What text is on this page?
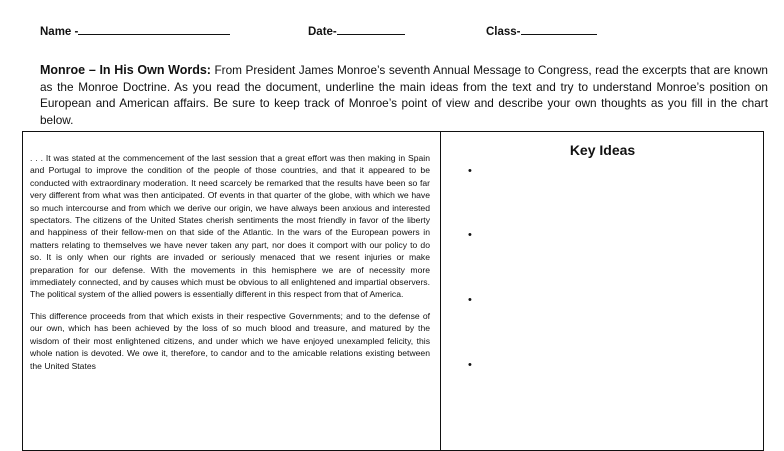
Name -	Date-	Class-
Monroe – In His Own Words: From President James Monroe’s seventh Annual Message to Congress, read the excerpts that are known as the Monroe Doctrine. As you read the document, underline the main ideas from the text and try to understand Monroe’s position on European and American affairs. Be sure to keep track of Monroe’s point of view and describe your own thoughts as you fill in the chart below.

. . . It was stated at the commencement of the last session that a great effort was then making in Spain and Portugal to improve the condition of the people of those countries, and that it appeared to be conducted with extraordinary moderation. It need scarcely be remarked that the results have been so far very different from what was then anticipated. Of events in that quarter of the globe, with which we have so much intercourse and from which we derive our origin, we have always been anxious and interested spectators. The citizens of the United States cherish sentiments the most friendly in favor of the liberty and happiness of their fellow-men on that side of the Atlantic. In the wars of the European powers in matters relating to themselves we have never taken any part, nor does it comport with our policy to do so. It is only when our rights are invaded or seriously menaced that we resent injuries or make preparation for our defense. With the movements in this hemisphere we are of necessity more immediately connected, and by causes which must be obvious to all enlightened and impartial observers. The political system of the allied powers is essentially different in this respect from that of America.

This difference proceeds from that which exists in their respective Governments; and to the defense of our own, which has been achieved by the loss of so much blood and treasure, and matured by the wisdom of their most enlightened citizens, and under which we have enjoyed unexampled felicity, this whole nation is devoted. We owe it, therefore, to candor and to the amicable relations existing between the United States

Key Ideas
•
•
•
•
